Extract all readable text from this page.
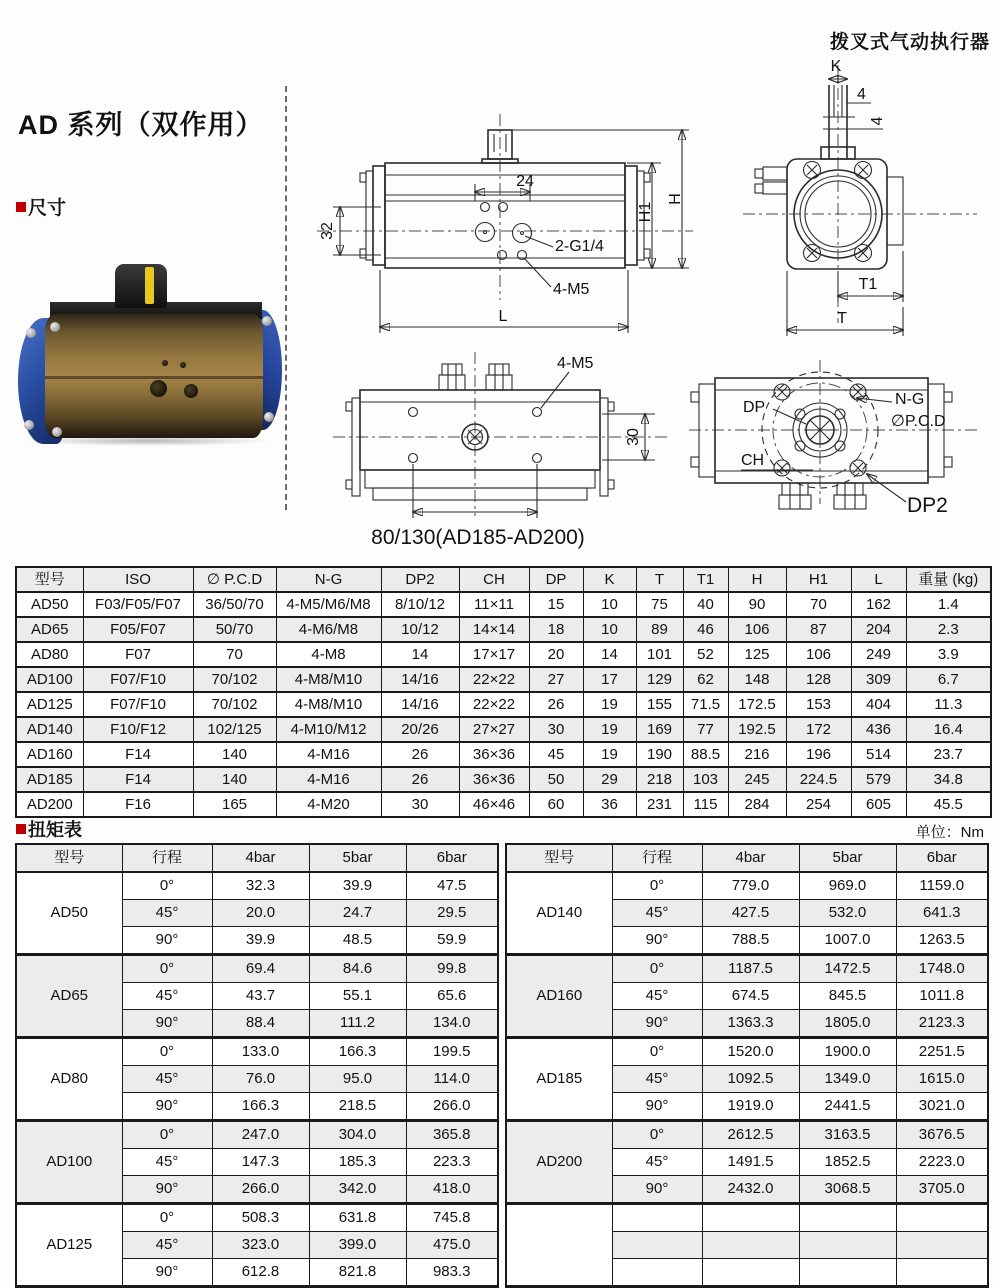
拨叉式气动执行器
AD 系列（双作用）
尺寸
24
32
2-G1/4
4-M5
L
H1
H
K
4
4
T1
T
4-M5
30
80/130(AD185-AD200)
DP
CH
N-G
∅P.C.D
DP2
型号	ISO	∅ P.C.D	N-G	DP2	CH	DP	K	T	T1	H	H1	L	重量 (kg)
AD50	F03/F05/F07	36/50/70	4-M5/M6/M8	8/10/12	11×11	15	10	75	40	90	70	162	1.4
AD65	F05/F07	50/70	4-M6/M8	10/12	14×14	18	10	89	46	106	87	204	2.3
AD80	F07	70	4-M8	14	17×17	20	14	101	52	125	106	249	3.9
AD100	F07/F10	70/102	4-M8/M10	14/16	22×22	27	17	129	62	148	128	309	6.7
AD125	F07/F10	70/102	4-M8/M10	14/16	22×22	26	19	155	71.5	172.5	153	404	11.3
AD140	F10/F12	102/125	4-M10/M12	20/26	27×27	30	19	169	77	192.5	172	436	16.4
AD160	F14	140	4-M16	26	36×36	45	19	190	88.5	216	196	514	23.7
AD185	F14	140	4-M16	26	36×36	50	29	218	103	245	224.5	579	34.8
AD200	F16	165	4-M20	30	46×46	60	36	231	115	284	254	605	45.5
扭矩表	单位：Nm
型号	行程	4bar	5bar	6bar
AD50	0°	32.3	39.9	47.5
	45°	20.0	24.7	29.5
	90°	39.9	48.5	59.9
AD65	0°	69.4	84.6	99.8
	45°	43.7	55.1	65.6
	90°	88.4	111.2	134.0
AD80	0°	133.0	166.3	199.5
	45°	76.0	95.0	114.0
	90°	166.3	218.5	266.0
AD100	0°	247.0	304.0	365.8
	45°	147.3	185.3	223.3
	90°	266.0	342.0	418.0
AD125	0°	508.3	631.8	745.8
	45°	323.0	399.0	475.0
	90°	612.8	821.8	983.3
型号	行程	4bar	5bar	6bar
AD140	0°	779.0	969.0	1159.0
	45°	427.5	532.0	641.3
	90°	788.5	1007.0	1263.5
AD160	0°	1187.5	1472.5	1748.0
	45°	674.5	845.5	1011.8
	90°	1363.3	1805.0	2123.3
AD185	0°	1520.0	1900.0	2251.5
	45°	1092.5	1349.0	1615.0
	90°	1919.0	2441.5	3021.0
AD200	0°	2612.5	3163.5	3676.5
	45°	1491.5	1852.5	2223.0
	90°	2432.0	3068.5	3705.0
